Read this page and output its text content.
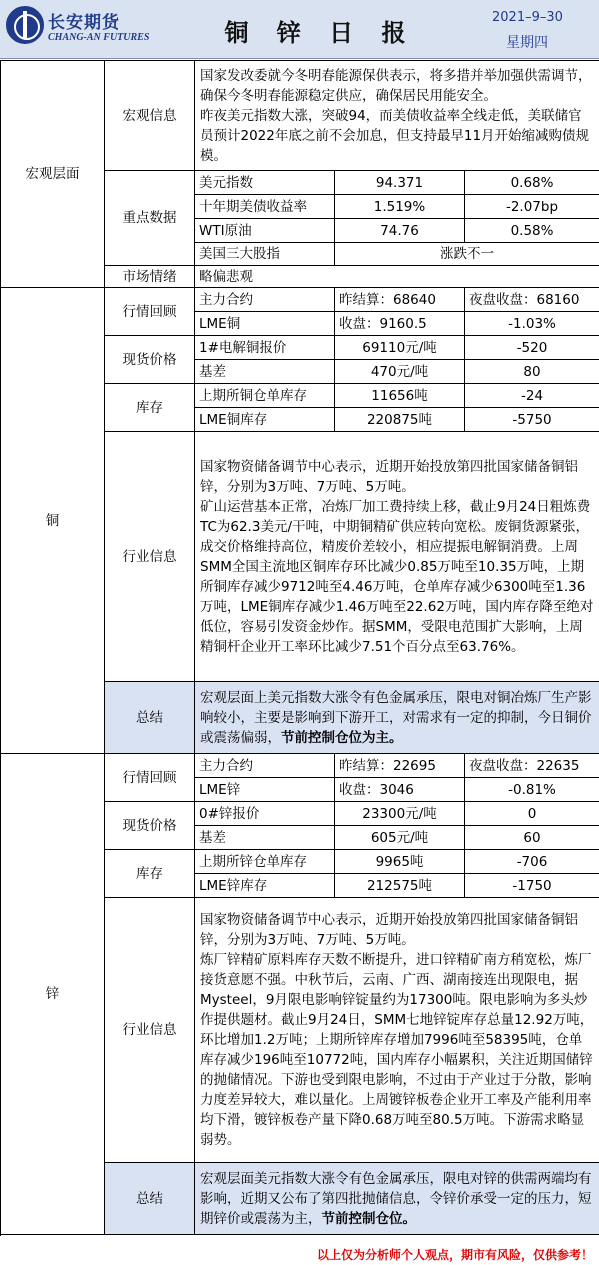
长安期货
CHANG-AN FUTURES	铜 锌 日 报
2021–9–30
星期四
宏观层面	宏观信息	国家发改委就今冬明春能源保供表示，将多措并举加强供需调节，确保今冬明春能源稳定供应，确保居民用能安全。
昨夜美元指数大涨，突破94，而美债收益率全线走低，美联储官员预计2022年底之前不会加息，但支持最早11月开始缩减购债规模。		

	重点数据	美元指数	94.371	0.68%
		十年期美债收益率	1.519%	-2.07bp
		WTI原油	74.76	0.58%
		美国三大股指	涨跌不一	
	市场情绪	略偏悲观		

铜	行情回顾	主力合约	昨结算：68640	夜盘收盘：68160
		LME铜	收盘：9160.5	-1.03%
	现货价格	1#电解铜报价	69110元/吨	-520
		基差	470元/吨	80
	库存	上期所铜仓单库存	11656吨	-24
		LME铜库存	220875吨	-5750
	行业信息	国家物资储备调节中心表示，近期开始投放第四批国家储备铜铝锌，分别为3万吨、7万吨、5万吨。
矿山运营基本正常，冶炼厂加工费持续上移，截止9月24日粗炼费TC为62.3美元/干吨，中期铜精矿供应转向宽松。废铜货源紧张，成交价格维持高位，精废价差较小，相应提振电解铜消费。上周SMM全国主流地区铜库存环比减少0.85万吨至10.35万吨，上期所铜库存减少9712吨至4.46万吨，仓单库存减少6300吨至1.36万吨，LME铜库存减少1.46万吨至22.62万吨，国内库存降至绝对低位，容易引发资金炒作。据SMM，受限电范围扩大影响，上周精铜杆企业开工率环比减少7.51个百分点至63.76%。		

	总结	宏观层面上美元指数大涨令有色金属承压，限电对铜冶炼厂生产影响较小，主要是影响到下游开工，对需求有一定的抑制，今日铜价或震荡偏弱，节前控制仓位为主。		

锌	行情回顾	主力合约	昨结算：22695	夜盘收盘：22635
		LME锌	收盘：3046	-0.81%
	现货价格	0#锌报价	23300元/吨	0
		基差	605元/吨	60
	库存	上期所锌仓单库存	9965吨	-706
		LME锌库存	212575吨	-1750
	行业信息	国家物资储备调节中心表示，近期开始投放第四批国家储备铜铝锌，分别为3万吨、7万吨、5万吨。
炼厂锌精矿原料库存天数不断提升，进口锌精矿南方稍宽松，炼厂接货意愿不强。中秋节后，云南、广西、湖南接连出现限电，据Mysteel，9月限电影响锌锭量约为17300吨。限电影响为多头炒作提供题材。截止9月24日，SMM七地锌锭库存总量12.92万吨，环比增加1.2万吨；上期所锌库存增加7996吨至58395吨，仓单库存减少196吨至10772吨，国内库存小幅累积，关注近期国储锌的抛储情况。下游也受到限电影响，不过由于产业过于分散，影响力度差异较大，难以量化。上周镀锌板卷企业开工率及产能利用率均下滑，镀锌板卷产量下降0.68万吨至80.5万吨。下游需求略显弱势。		

	总结	宏观层面美元指数大涨令有色金属承压，限电对锌的供需两端均有影响，近期又公布了第四批抛储信息，令锌价承受一定的压力，短期锌价或震荡为主，节前控制仓位。		

以上仅为分析师个人观点，期市有风险，仅供参考！
